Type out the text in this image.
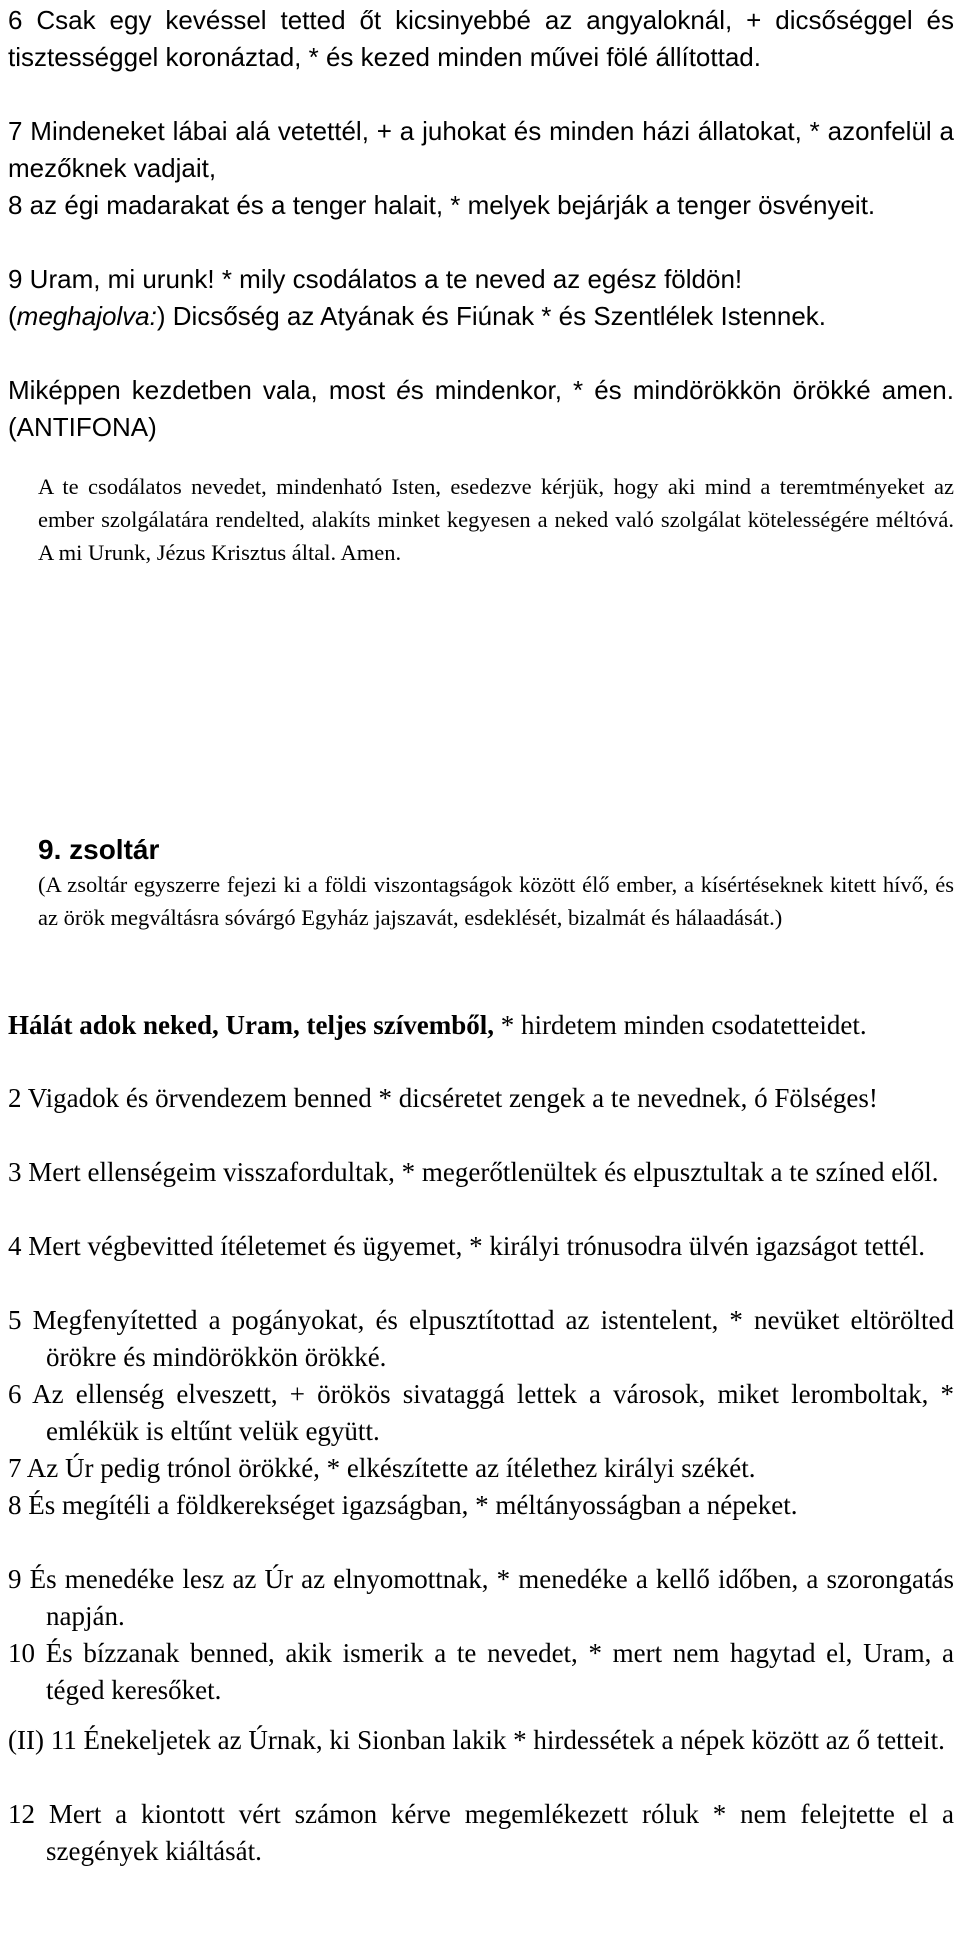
6 Csak egy kevéssel tetted őt kicsinyebbé az angyaloknál, + dicsőséggel és tisztességgel koronáztad, * és kezed minden művei fölé állítottad.

7 Mindeneket lábai alá vetettél, + a juhokat és minden házi állatokat, * azonfelül a mezőknek vadjait,

8 az égi madarakat és a tenger halait, * melyek bejárják a tenger ösvényeit.

9 Uram, mi urunk! * mily csodálatos a te neved az egész földön!

(meghajolva:) Dicsőség az Atyának és Fiúnak * és Szentlélek Istennek.

Miképpen kezdetben vala, most és mindenkor, * és mindörökkön örökké amen. (ANTIFONA)

A te csodálatos nevedet, mindenható Isten, esedezve kérjük, hogy aki mind a teremtményeket az ember szolgálatára rendelted, alakíts minket kegyesen a neked való szolgálat kötelességére méltóvá. A mi Urunk, Jézus Krisztus által. Amen.

9. zsoltár

(A zsoltár egyszerre fejezi ki a földi viszontagságok között élő ember, a kísértéseknek kitett hívő, és az örök megváltásra sóvárgó Egyház jajszavát, esdeklését, bizalmát és hálaadását.)

Hálát adok neked, Uram, teljes szívemből, * hirdetem minden csodatetteidet.

2 Vigadok és örvendezem benned * dicséretet zengek a te nevednek, ó Fölséges!

3 Mert ellenségeim visszafordultak, * megerőtlenültek és elpusztultak a te színed elől.

4 Mert végbevitted ítéletemet és ügyemet, * királyi trónusodra ülvén igazságot tettél.

5 Megfenyítetted a pogányokat, és elpusztítottad az istentelent, * nevüket eltörölted örökre és mindörökkön örökké.

6 Az ellenség elveszett, + örökös sivataggá lettek a városok, miket leromboltak, * emlékük is eltűnt velük együtt.

7 Az Úr pedig trónol örökké, * elkészítette az ítélethez királyi székét.

8 És megítéli a földkerekséget igazságban, * méltányosságban a népeket.

9 És menedéke lesz az Úr az elnyomottnak, * menedéke a kellő időben, a szorongatás napján.

10 És bízzanak benned, akik ismerik a te nevedet, * mert nem hagytad el, Uram, a téged keresőket.

(II) 11 Énekeljetek az Úrnak, ki Sionban lakik * hirdessétek a népek között az ő tetteit.

12 Mert a kiontott vért számon kérve megemlékezett róluk * nem felejtette el a szegények kiáltását.
